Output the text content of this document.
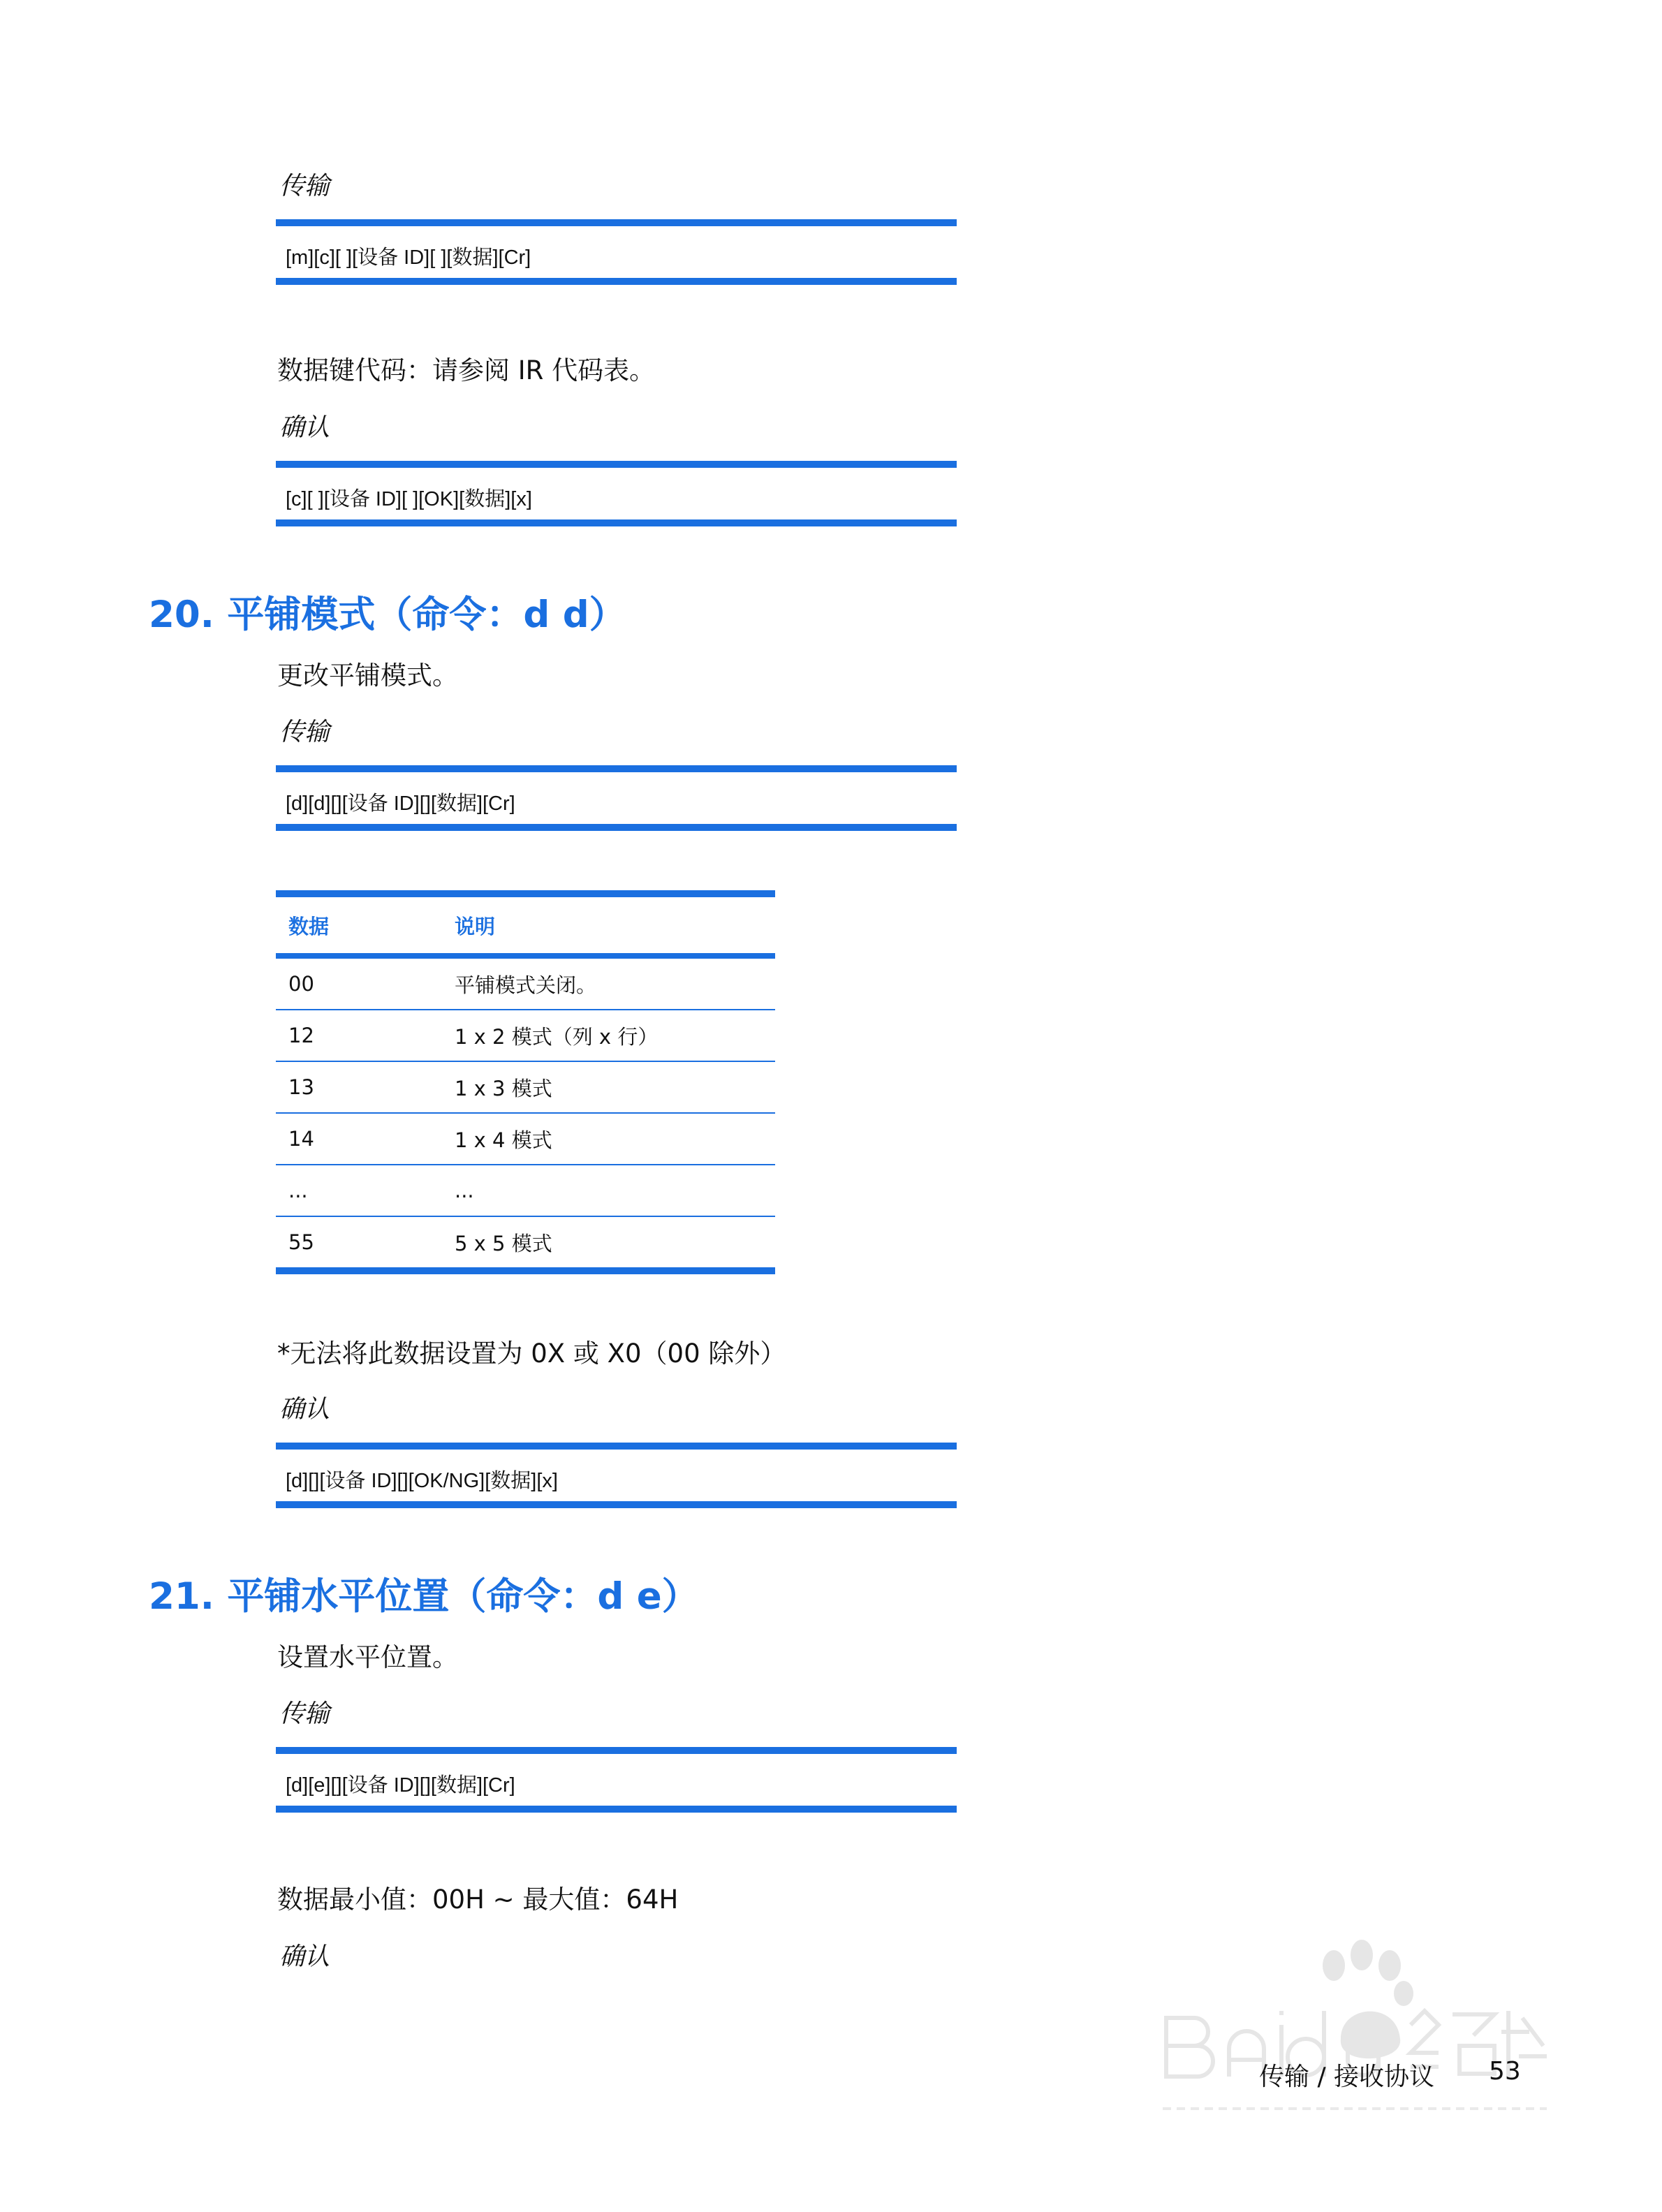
传输
[m][c][ ][设备 ID][ ][数据][Cr]
数据键代码：请参阅 IR 代码表。
确认
[c][ ][设备 ID][ ][OK][数据][x]
20. 平铺模式（命令：d d）
更改平铺模式。
传输
[d][d][][设备 ID][][数据][Cr]
数据	说明
00	平铺模式关闭。
12	1 x 2 模式（列 x 行）
13	1 x 3 模式
14	1 x 4 模式
...	...
55	5 x 5 模式
*无法将此数据设置为 0X 或 X0（00 除外）
确认
[d][][设备 ID][][OK/NG][数据][x]
21. 平铺水平位置（命令：d e）
设置水平位置。
传输
[d][e][][设备 ID][][数据][Cr]
数据最小值：00H ~ 最大值：64H
确认
传输 / 接收协议 53
